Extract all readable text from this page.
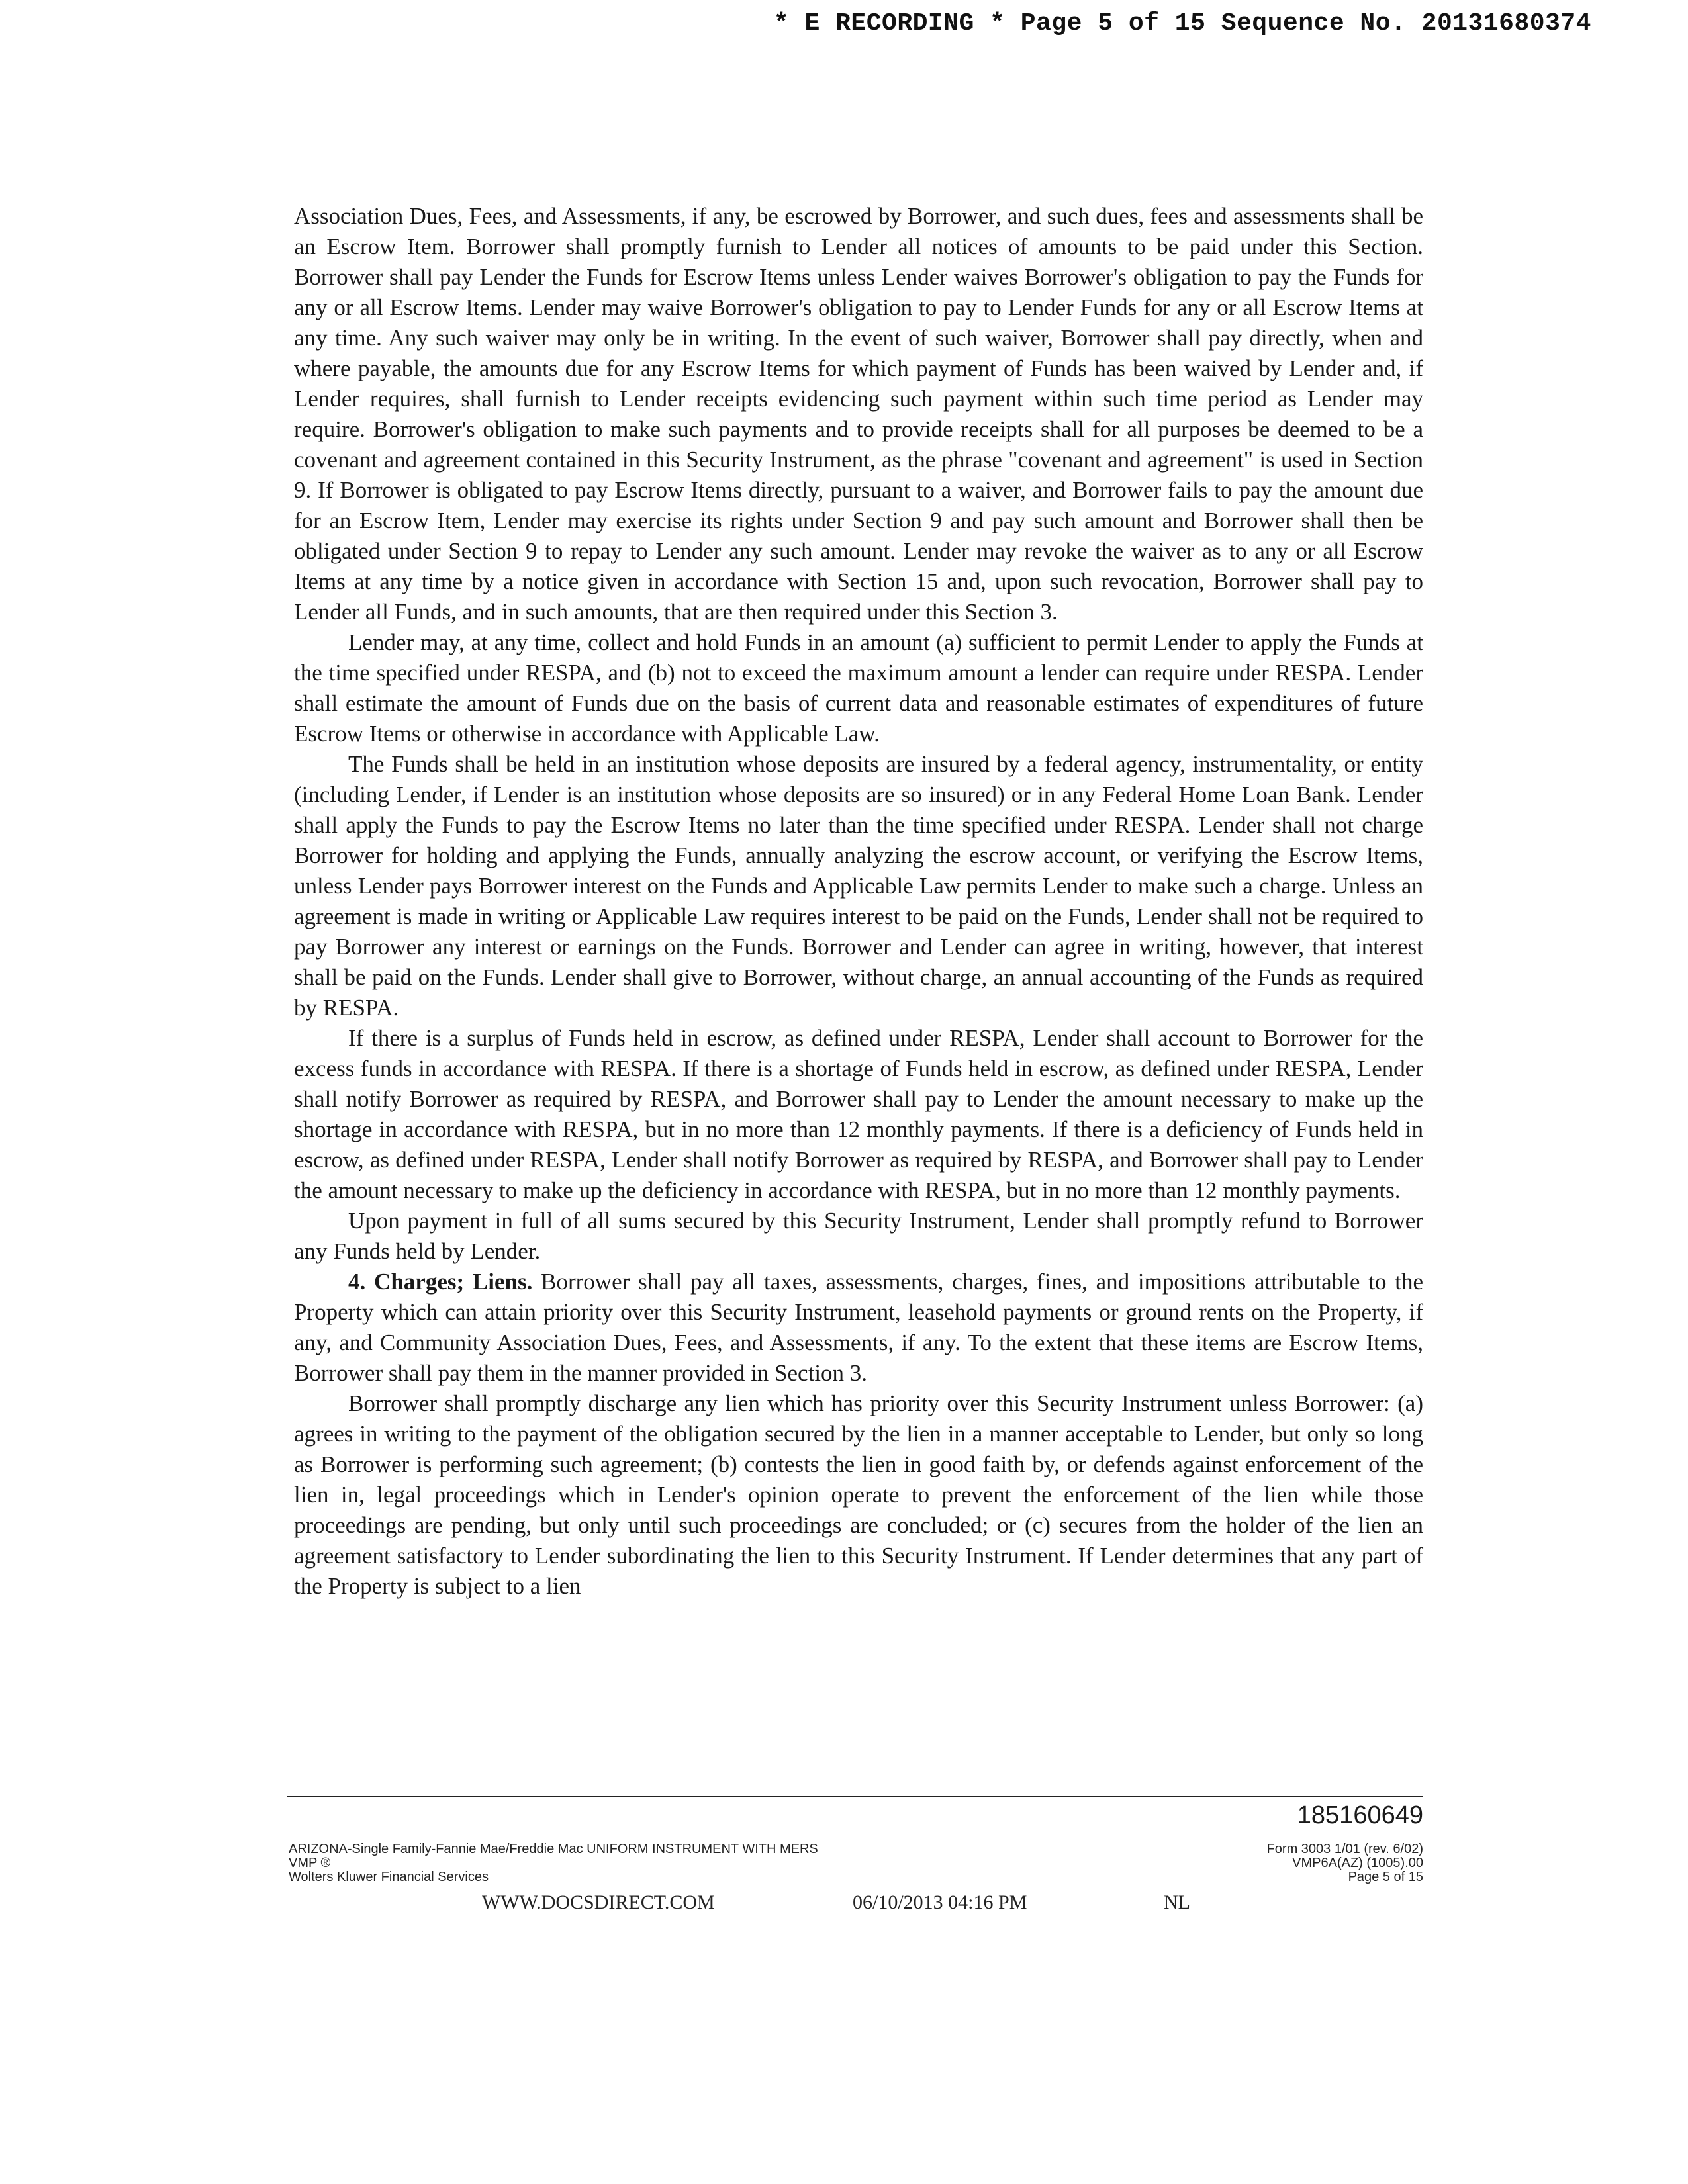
* E RECORDING * Page 5 of 15 Sequence No. 20131680374

Association Dues, Fees, and Assessments, if any, be escrowed by Borrower, and such dues, fees and assessments shall be an Escrow Item. Borrower shall promptly furnish to Lender all notices of amounts to be paid under this Section. Borrower shall pay Lender the Funds for Escrow Items unless Lender waives Borrower's obligation to pay the Funds for any or all Escrow Items. Lender may waive Borrower's obligation to pay to Lender Funds for any or all Escrow Items at any time. Any such waiver may only be in writing. In the event of such waiver, Borrower shall pay directly, when and where payable, the amounts due for any Escrow Items for which payment of Funds has been waived by Lender and, if Lender requires, shall furnish to Lender receipts evidencing such payment within such time period as Lender may require. Borrower's obligation to make such payments and to provide receipts shall for all purposes be deemed to be a covenant and agreement contained in this Security Instrument, as the phrase "covenant and agreement" is used in Section 9. If Borrower is obligated to pay Escrow Items directly, pursuant to a waiver, and Borrower fails to pay the amount due for an Escrow Item, Lender may exercise its rights under Section 9 and pay such amount and Borrower shall then be obligated under Section 9 to repay to Lender any such amount. Lender may revoke the waiver as to any or all Escrow Items at any time by a notice given in accordance with Section 15 and, upon such revocation, Borrower shall pay to Lender all Funds, and in such amounts, that are then required under this Section 3.

Lender may, at any time, collect and hold Funds in an amount (a) sufficient to permit Lender to apply the Funds at the time specified under RESPA, and (b) not to exceed the maximum amount a lender can require under RESPA. Lender shall estimate the amount of Funds due on the basis of current data and reasonable estimates of expenditures of future Escrow Items or otherwise in accordance with Applicable Law.

The Funds shall be held in an institution whose deposits are insured by a federal agency, instrumentality, or entity (including Lender, if Lender is an institution whose deposits are so insured) or in any Federal Home Loan Bank. Lender shall apply the Funds to pay the Escrow Items no later than the time specified under RESPA. Lender shall not charge Borrower for holding and applying the Funds, annually analyzing the escrow account, or verifying the Escrow Items, unless Lender pays Borrower interest on the Funds and Applicable Law permits Lender to make such a charge. Unless an agreement is made in writing or Applicable Law requires interest to be paid on the Funds, Lender shall not be required to pay Borrower any interest or earnings on the Funds. Borrower and Lender can agree in writing, however, that interest shall be paid on the Funds. Lender shall give to Borrower, without charge, an annual accounting of the Funds as required by RESPA.

If there is a surplus of Funds held in escrow, as defined under RESPA, Lender shall account to Borrower for the excess funds in accordance with RESPA. If there is a shortage of Funds held in escrow, as defined under RESPA, Lender shall notify Borrower as required by RESPA, and Borrower shall pay to Lender the amount necessary to make up the shortage in accordance with RESPA, but in no more than 12 monthly payments. If there is a deficiency of Funds held in escrow, as defined under RESPA, Lender shall notify Borrower as required by RESPA, and Borrower shall pay to Lender the amount necessary to make up the deficiency in accordance with RESPA, but in no more than 12 monthly payments.

Upon payment in full of all sums secured by this Security Instrument, Lender shall promptly refund to Borrower any Funds held by Lender.

4. Charges; Liens. Borrower shall pay all taxes, assessments, charges, fines, and impositions attributable to the Property which can attain priority over this Security Instrument, leasehold payments or ground rents on the Property, if any, and Community Association Dues, Fees, and Assessments, if any. To the extent that these items are Escrow Items, Borrower shall pay them in the manner provided in Section 3.

Borrower shall promptly discharge any lien which has priority over this Security Instrument unless Borrower: (a) agrees in writing to the payment of the obligation secured by the lien in a manner acceptable to Lender, but only so long as Borrower is performing such agreement; (b) contests the lien in good faith by, or defends against enforcement of the lien in, legal proceedings which in Lender's opinion operate to prevent the enforcement of the lien while those proceedings are pending, but only until such proceedings are concluded; or (c) secures from the holder of the lien an agreement satisfactory to Lender subordinating the lien to this Security Instrument. If Lender determines that any part of the Property is subject to a lien

185160649
ARIZONA-Single Family-Fannie Mae/Freddie Mac UNIFORM INSTRUMENT WITH MERS
VMP ®
Wolters Kluwer Financial Services
Form 3003 1/01 (rev. 6/02)
VMP6A(AZ) (1005).00
Page 5 of 15
WWW.DOCSDIRECT.COM	06/10/2013 04:16 PM	NL
